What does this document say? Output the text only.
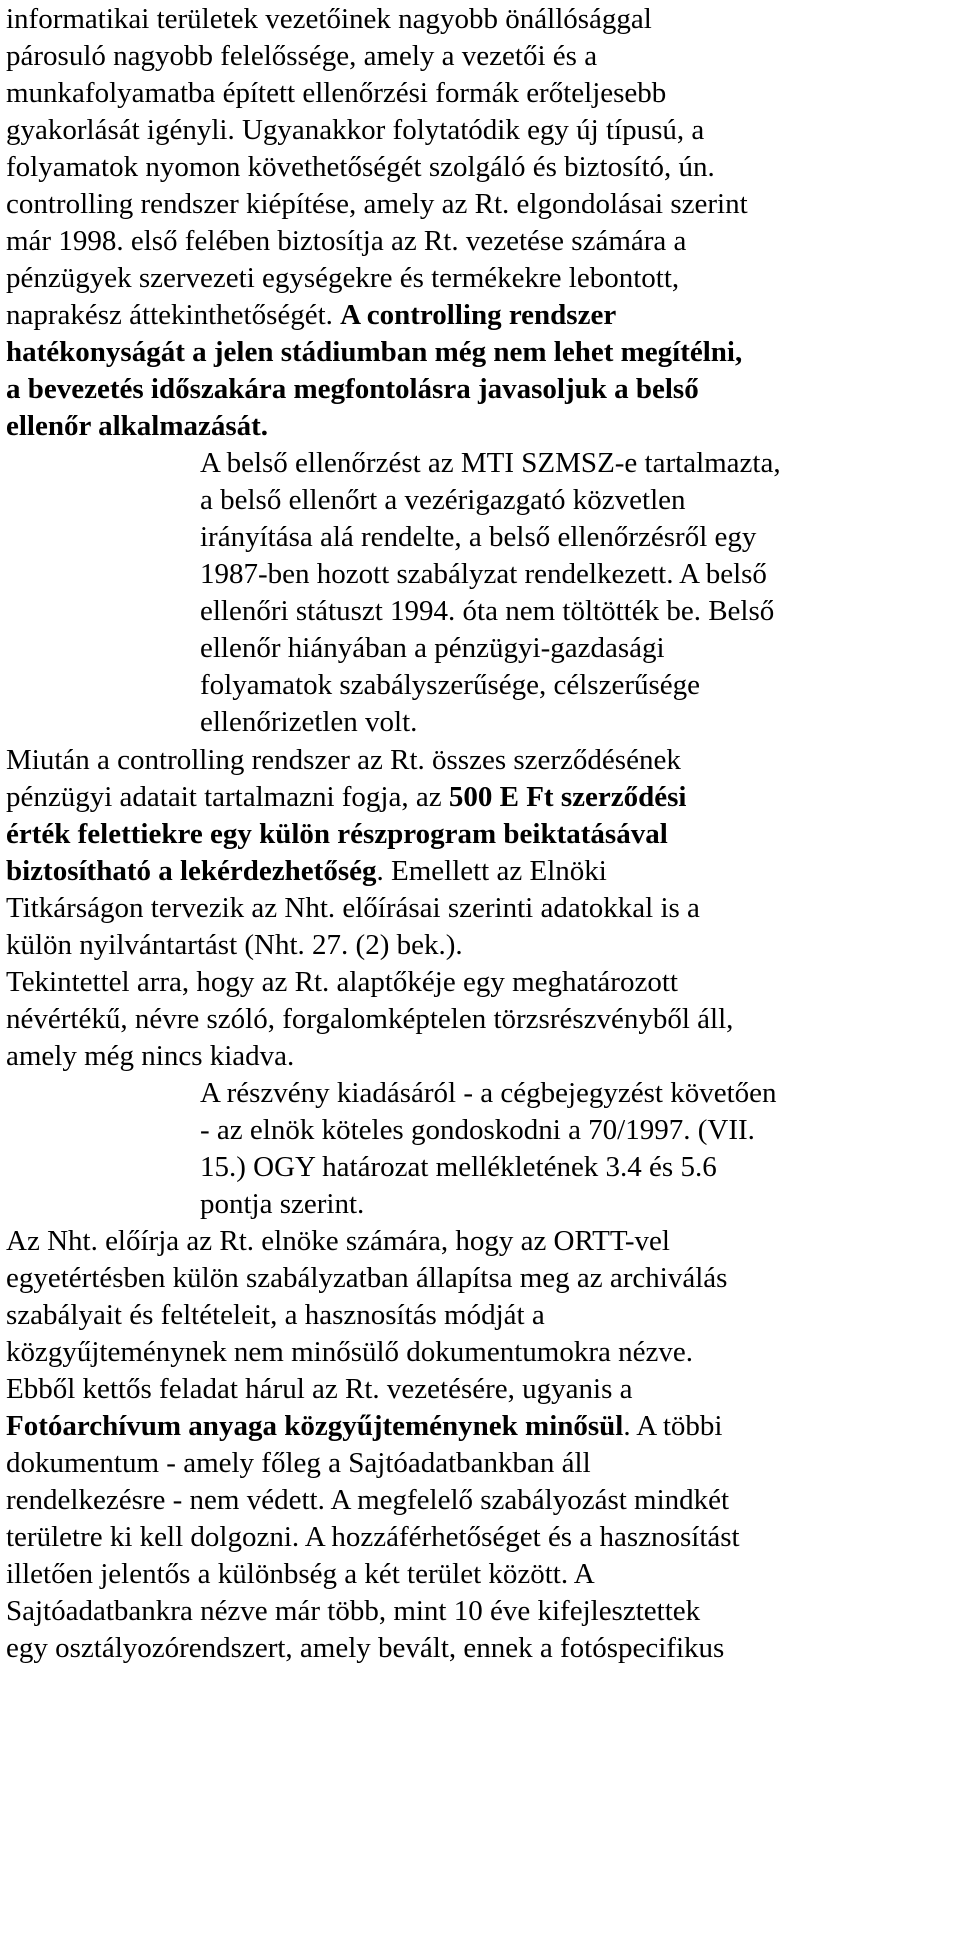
informatikai területek vezetőinek nagyobb önállósággal
párosuló nagyobb felelőssége, amely a vezetői és a
munkafolyamatba épített ellenőrzési formák erőteljesebb
gyakorlását igényli. Ugyanakkor folytatódik egy új típusú, a
folyamatok nyomon követhetőségét szolgáló és biztosító, ún.
controlling rendszer kiépítése, amely az Rt. elgondolásai szerint
már 1998. első felében biztosítja az Rt. vezetése számára a
pénzügyek szervezeti egységekre és termékekre lebontott,
naprakész áttekinthetőségét. A controlling rendszer
hatékonyságát a jelen stádiumban még nem lehet megítélni,
a bevezetés időszakára megfontolásra javasoljuk a belső
ellenőr alkalmazását.
A belső ellenőrzést az MTI SZMSZ-e tartalmazta,
a belső ellenőrt a vezérigazgató közvetlen
irányítása alá rendelte, a belső ellenőrzésről egy
1987-ben hozott szabályzat rendelkezett. A belső
ellenőri státuszt 1994. óta nem töltötték be. Belső
ellenőr hiányában a pénzügyi-gazdasági
folyamatok szabályszerűsége, célszerűsége
ellenőrizetlen volt.
Miután a controlling rendszer az Rt. összes szerződésének
pénzügyi adatait tartalmazni fogja, az 500 E Ft szerződési
érték felettiekre egy külön részprogram beiktatásával
biztosítható a lekérdezhetőség. Emellett az Elnöki
Titkárságon tervezik az Nht. előírásai szerinti adatokkal is a
külön nyilvántartást (Nht. 27. (2) bek.).
Tekintettel arra, hogy az Rt. alaptőkéje egy meghatározott
névértékű, névre szóló, forgalomképtelen törzsrészvényből áll,
amely még nincs kiadva.
A részvény kiadásáról - a cégbejegyzést követően
- az elnök köteles gondoskodni a 70/1997. (VII.
15.) OGY határozat mellékletének 3.4 és 5.6
pontja szerint.
Az Nht. előírja az Rt. elnöke számára, hogy az ORTT-vel
egyetértésben külön szabályzatban állapítsa meg az archiválás
szabályait és feltételeit, a hasznosítás módját a
közgyűjteménynek nem minősülő dokumentumokra nézve.
Ebből kettős feladat hárul az Rt. vezetésére, ugyanis a
Fotóarchívum anyaga közgyűjteménynek minősül. A többi
dokumentum - amely főleg a Sajtóadatbankban áll
rendelkezésre - nem védett. A megfelelő szabályozást mindkét
területre ki kell dolgozni. A hozzáférhetőséget és a hasznosítást
illetően jelentős a különbség a két terület között. A
Sajtóadatbankra nézve már több, mint 10 éve kifejlesztettek
egy osztályozórendszert, amely bevált, ennek a fotóspecifikus
